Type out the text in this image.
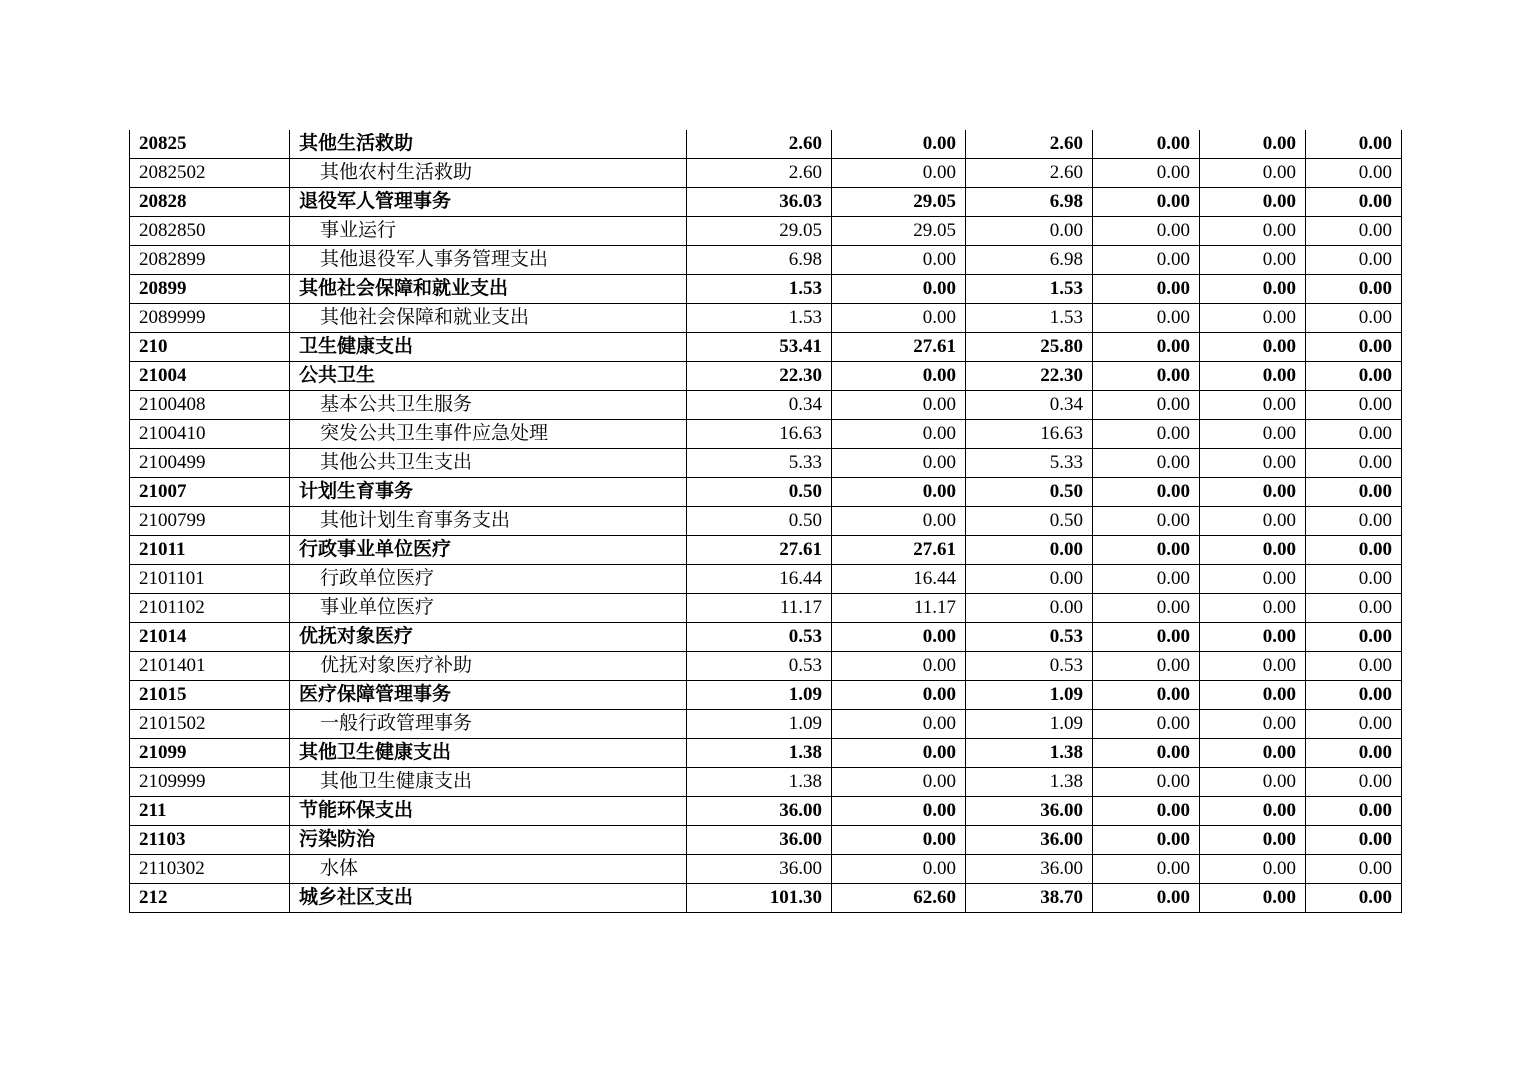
20825	其他生活救助	2.60	0.00	2.60	0.00	0.00	0.00
2082502	其他农村生活救助	2.60	0.00	2.60	0.00	0.00	0.00
20828	退役军人管理事务	36.03	29.05	6.98	0.00	0.00	0.00
2082850	事业运行	29.05	29.05	0.00	0.00	0.00	0.00
2082899	其他退役军人事务管理支出	6.98	0.00	6.98	0.00	0.00	0.00
20899	其他社会保障和就业支出	1.53	0.00	1.53	0.00	0.00	0.00
2089999	其他社会保障和就业支出	1.53	0.00	1.53	0.00	0.00	0.00
210	卫生健康支出	53.41	27.61	25.80	0.00	0.00	0.00
21004	公共卫生	22.30	0.00	22.30	0.00	0.00	0.00
2100408	基本公共卫生服务	0.34	0.00	0.34	0.00	0.00	0.00
2100410	突发公共卫生事件应急处理	16.63	0.00	16.63	0.00	0.00	0.00
2100499	其他公共卫生支出	5.33	0.00	5.33	0.00	0.00	0.00
21007	计划生育事务	0.50	0.00	0.50	0.00	0.00	0.00
2100799	其他计划生育事务支出	0.50	0.00	0.50	0.00	0.00	0.00
21011	行政事业单位医疗	27.61	27.61	0.00	0.00	0.00	0.00
2101101	行政单位医疗	16.44	16.44	0.00	0.00	0.00	0.00
2101102	事业单位医疗	11.17	11.17	0.00	0.00	0.00	0.00
21014	优抚对象医疗	0.53	0.00	0.53	0.00	0.00	0.00
2101401	优抚对象医疗补助	0.53	0.00	0.53	0.00	0.00	0.00
21015	医疗保障管理事务	1.09	0.00	1.09	0.00	0.00	0.00
2101502	一般行政管理事务	1.09	0.00	1.09	0.00	0.00	0.00
21099	其他卫生健康支出	1.38	0.00	1.38	0.00	0.00	0.00
2109999	其他卫生健康支出	1.38	0.00	1.38	0.00	0.00	0.00
211	节能环保支出	36.00	0.00	36.00	0.00	0.00	0.00
21103	污染防治	36.00	0.00	36.00	0.00	0.00	0.00
2110302	水体	36.00	0.00	36.00	0.00	0.00	0.00
212	城乡社区支出	101.30	62.60	38.70	0.00	0.00	0.00
